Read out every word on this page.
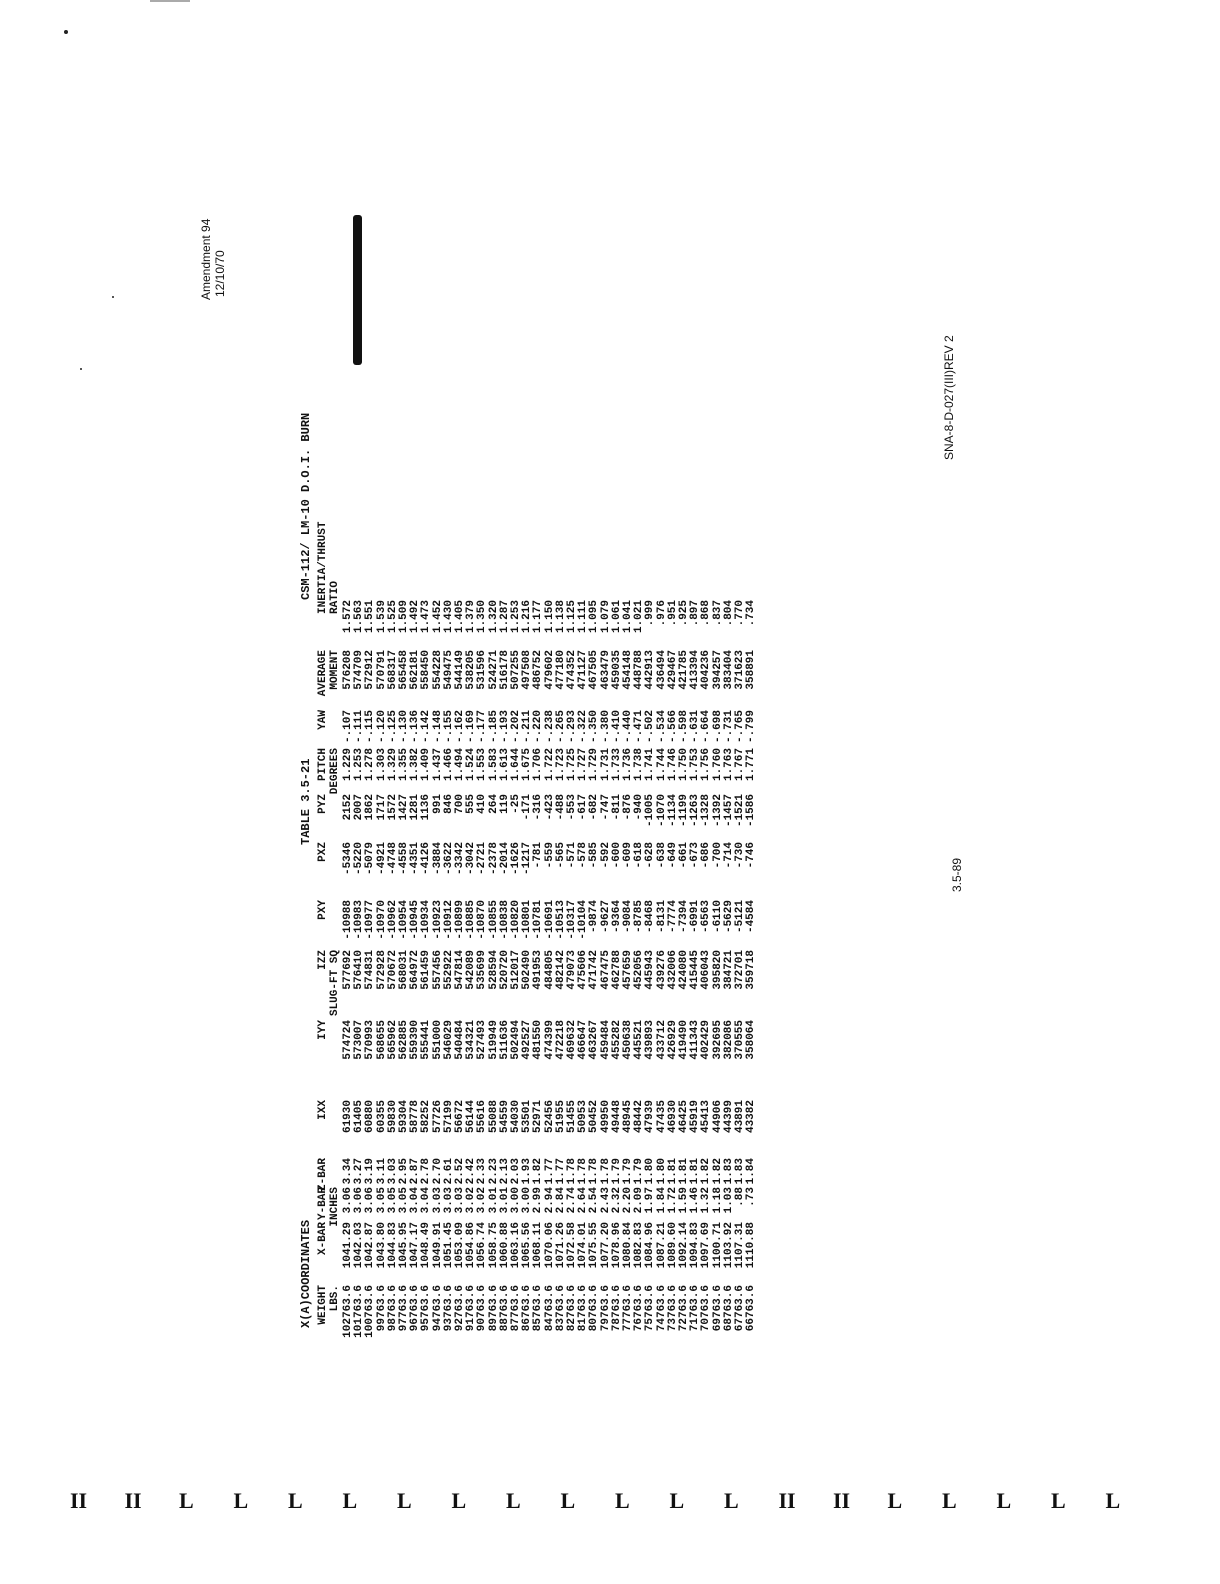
Amendment 94 12/10/70
X(A)COORDINATES
TABLE 3.5-21
CSM-112/ LM-10 D.O.I. BURN
WEIGHT LBS.
X-BAR
Y-BAR INCHES
Z-BAR
IXX
IYY
IZZ SLUG-FT SQ
PXY
PXZ
PYZ
PITCH DEGREES
YAW
AVERAGE MOMENT
INERTIA/THRUST RATIO
102763.6
1041.29
3.06
3.34
61930
574724
577692
-10988
-5346
2152
1.229
-.107
576208
1.572
101763.6
1042.03
3.06
3.27
61405
573007
576410
-10983
-5220
2007
1.253
-.111
574709
1.563
100763.6
1042.87
3.06
3.19
60880
570993
574831
-10977
-5079
1862
1.278
-.115
572912
1.551
99763.6
1043.80
3.05
3.11
60355
568655
572928
-10970
-4921
1717
1.303
-.120
570791
1.539
98763.6
1044.83
3.05
3.03
59830
565962
570672
-10962
-4748
1572
1.329
-.125
568317
1.525
97763.6
1045.95
3.05
2.95
59304
562885
568031
-10954
-4558
1427
1.355
-.130
565458
1.509
96763.6
1047.17
3.04
2.87
58778
559390
564972
-10945
-4351
1281
1.382
-.136
562181
1.492
95763.6
1048.49
3.04
2.78
58252
555441
561459
-10934
-4126
1136
1.409
-.142
558450
1.473
94763.6
1049.91
3.03
2.70
57726
551000
557456
-10923
-3884
991
1.437
-.148
554228
1.452
93763.6
1051.45
3.03
2.61
57199
546029
552922
-10912
-3622
846
1.466
-.155
549475
1.430
92763.6
1053.09
3.03
2.52
56672
540484
547814
-10899
-3342
700
1.494
-.162
544149
1.405
91763.6
1054.86
3.02
2.42
56144
534321
542089
-10885
-3042
555
1.524
-.169
538205
1.379
90763.6
1056.74
3.02
2.33
55616
527493
535699
-10870
-2721
410
1.553
-.177
531596
1.350
89763.6
1058.75
3.01
2.23
55088
519949
528594
-10855
-2378
264
1.583
-.185
524271
1.320
88763.6
1060.88
3.01
2.13
54559
511636
520720
-10838
-2014
119
1.613
-.193
516178
1.287
87763.6
1063.16
3.00
2.03
54030
502494
512017
-10820
-1626
-25
1.644
-.202
507255
1.253
86763.6
1065.56
3.00
1.93
53501
492527
502490
-10801
-1217
-171
1.675
-.211
497508
1.216
85763.6
1068.11
2.99
1.82
52971
481550
491953
-10781
-781
-316
1.706
-.220
486752
1.177
84763.6
1070.06
2.94
1.77
52456
474399
484805
-10691
-559
-423
1.722
-.238
479602
1.150
83763.6
1071.26
2.84
1.77
51955
472218
482142
-10513
-565
-488
1.723
-.265
477180
1.138
82763.6
1072.58
2.74
1.78
51455
469632
479073
-10317
-571
-553
1.725
-.293
474352
1.125
81763.6
1074.01
2.64
1.78
50953
466647
475606
-10104
-578
-617
1.727
-.322
471127
1.111
80763.6
1075.55
2.54
1.78
50452
463267
471742
-9874
-585
-682
1.729
-.350
467505
1.095
79763.6
1077.20
2.43
1.78
49950
459484
467475
-9627
-592
-747
1.731
-.380
463479
1.079
78763.6
1078.96
2.32
1.79
49448
455282
462788
-9364
-600
-811
1.733
-.410
459035
1.061
77763.6
1080.84
2.20
1.79
48945
450638
457659
-9084
-609
-876
1.736
-.440
454148
1.041
76763.6
1082.83
2.09
1.79
48442
445521
452056
-8785
-618
-940
1.738
-.471
448788
1.021
75763.6
1084.96
1.97
1.80
47939
439893
445943
-8468
-628
-1005
1.741
-.502
442913
.999
74763.6
1087.21
1.84
1.80
47435
433712
439276
-8131
-638
-1070
1.744
-.534
436494
.976
73763.6
1089.60
1.72
1.81
46930
426929
432006
-7774
-649
-1134
1.746
-.566
429467
.951
72763.6
1092.14
1.59
1.81
46425
419490
424080
-7394
-661
-1199
1.750
-.598
421785
.925
71763.6
1094.83
1.46
1.81
45919
411343
415445
-6991
-673
-1263
1.753
-.631
413394
.897
70763.6
1097.69
1.32
1.82
45413
402429
406043
-6563
-686
-1328
1.756
-.664
404236
.868
69763.6
1100.71
1.18
1.82
44906
392695
395820
-6110
-700
-1392
1.760
-.698
394257
.837
68763.6
1103.92
1.03
1.83
44399
382086
384721
-5629
-714
-1457
1.763
-.731
383404
.804
67763.6
1107.31
.88
1.83
43891
370555
372701
-5121
-730
-1521
1.767
-.765
371623
.770
66763.6
1110.88
.73
1.84
43382
358064
359718
-4584
-746
-1586
1.771
-.799
358891
.734
3.5-89
SNA-8-D-027(III)REV 2
II II L L L L L L L L L L L II II L L L L L
